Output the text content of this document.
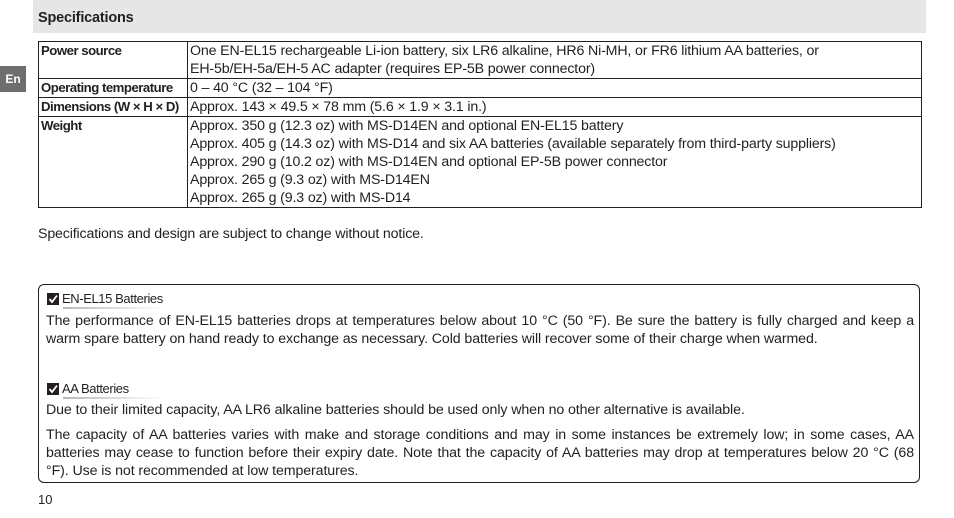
Specifications
En
Power source	One EN-EL15 rechargeable Li-ion battery, six LR6 alkaline, HR6 Ni-MH, or FR6 lithium AA batteries, or
EH-5b/EH-5a/EH-5 AC adapter (requires EP-5B power connector)

Operating temperature	0 – 40 °C (32 – 104 °F)

Dimensions (W × H × D)	Approx. 143 × 49.5 × 78 mm (5.6 × 1.9 × 3.1 in.)

Weight	Approx. 350 g (12.3 oz) with MS-D14EN and optional EN-EL15 battery
Approx. 405 g (14.3 oz) with MS-D14 and six AA batteries (available separately from third-party suppliers)
Approx. 290 g (10.2 oz) with MS-D14EN and optional EP-5B power connector
Approx. 265 g (9.3 oz) with MS-D14EN
Approx. 265 g (9.3 oz) with MS-D14
Specifications and design are subject to change without notice.
EN-EL15 Batteries
The performance of EN-EL15 batteries drops at temperatures below about 10 °C (50 °F). Be sure the battery is fully charged and keep a warm spare battery on hand ready to exchange as necessary. Cold batteries will recover some of their charge when warmed.
AA Batteries
Due to their limited capacity, AA LR6 alkaline batteries should be used only when no other alternative is available.
The capacity of AA batteries varies with make and storage conditions and may in some instances be extremely low; in some cases, AA batteries may cease to function before their expiry date. Note that the capacity of AA batteries may drop at temperatures below 20 °C (68 °F). Use is not recommended at low temperatures.
10
